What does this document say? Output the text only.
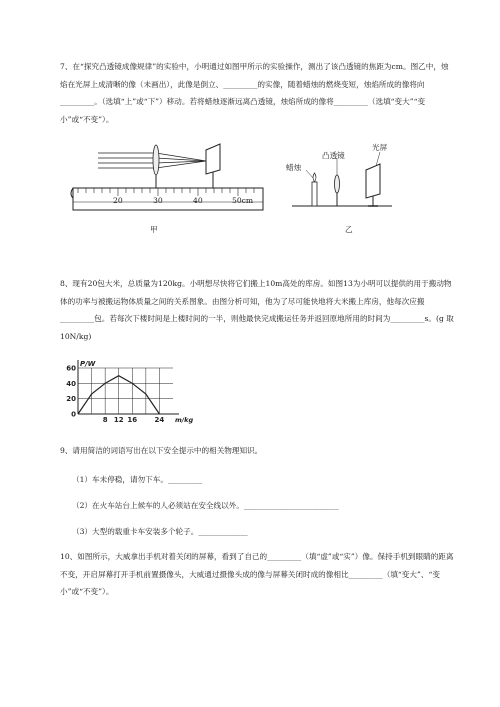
7、在“探究凸透镜成像规律”的实验中，小明通过如图甲所示的实验操作，测出了该凸透镜的焦距为cm。图乙中，烛焰在光屏上成清晰的像（未画出），此像是倒立、_________的实像，随着蜡烛的燃烧变短，烛焰所成的像将向_________。（选填“上”或“下”）移动。若将蜡烛逐渐远离凸透镜，烛焰所成的像将_________（选填“变大”“变小”或“不变”）。

20	30	40	50cm
甲
蜡烛
凸透镜
光屏
乙

8、现有20包大米，总质量为120kg。小明想尽快将它们搬上10m高处的库房。如图13为小明可以提供的用于搬动物体的功率与被搬运物体质量之间的关系图象。由图分析可知，他为了尽可能快地将大米搬上库房，他每次应搬_________包。若每次下楼时间是上楼时间的一半，则他最快完成搬运任务并返回原地所用的时间为_________s。(g 取 10N/kg)

60
40
20
0
8 12 16 24
P/W
m/kg

9、请用简洁的词语写出在以下安全提示中的相关物理知识。

（1）车未停稳，请勿下车。_________

（2）在火车站台上候车的人必须站在安全线以外。_________________________

（3）大型的载重卡车安装多个轮子。_____________

10、如图所示，大威拿出手机对着关闭的屏幕，看到了自己的_________（填“虚”或“实”）像。保持手机到眼睛的距离不变，开启屏幕打开手机前置摄像头，大威通过摄像头成的像与屏幕关闭时成的像相比_________（填“变大”、“变小”或“不变”）。
